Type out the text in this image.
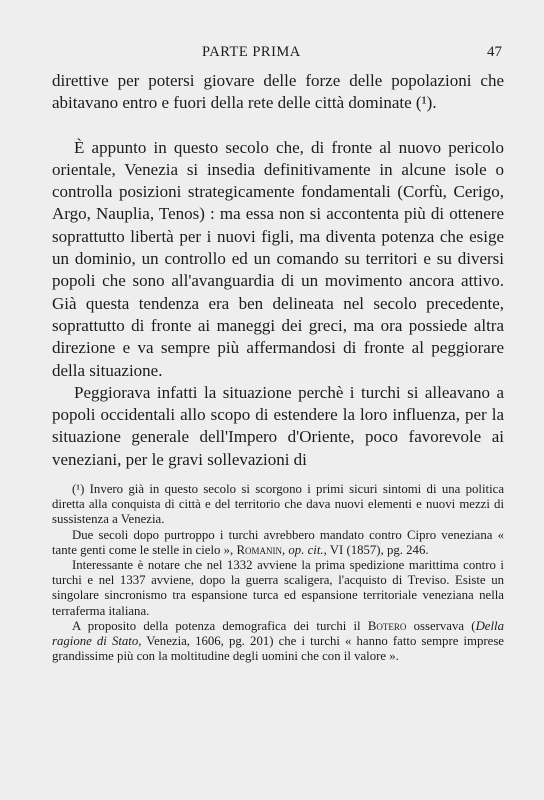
PARTE PRIMA	47

direttive per potersi giovare delle forze delle popolazioni che abitavano entro e fuori della rete delle città dominate (¹).

È appunto in questo secolo che, di fronte al nuovo pericolo orientale, Venezia si insedia definitivamente in alcune isole o controlla posizioni strategicamente fondamentali (Corfù, Cerigo, Argo, Nauplia, Tenos) : ma essa non si accontenta più di ottenere soprattutto libertà per i nuovi figli, ma diventa potenza che esige un dominio, un controllo ed un comando su territori e su diversi popoli che sono all'avanguardia di un movimento ancora attivo. Già questa tendenza era ben delineata nel secolo precedente, soprattutto di fronte ai maneggi dei greci, ma ora possiede altra direzione e va sempre più affermandosi di fronte al peggiorare della situazione.

Peggiorava infatti la situazione perchè i turchi si alleavano a popoli occidentali allo scopo di estendere la loro influenza, per la situazione generale dell'Impero d'Oriente, poco favorevole ai veneziani, per le gravi sollevazioni di

(¹) Invero già in questo secolo si scorgono i primi sicuri sintomi di una politica diretta alla conquista di città e del territorio che dava nuovi elementi e nuovi mezzi di sussistenza a Venezia.

Due secoli dopo purtroppo i turchi avrebbero mandato contro Cipro veneziana « tante genti come le stelle in cielo », Romanin, op. cit., VI (1857), pg. 246.

Interessante è notare che nel 1332 avviene la prima spedizione marittima contro i turchi e nel 1337 avviene, dopo la guerra scaligera, l'acquisto di Treviso. Esiste un singolare sincronismo tra espansione turca ed espansione territoriale veneziana nella terraferma italiana.

A proposito della potenza demografica dei turchi il Botero osservava (Della ragione di Stato, Venezia, 1606, pg. 201) che i turchi « hanno fatto sempre imprese grandissime più con la moltitudine degli uomini che con il valore ».
